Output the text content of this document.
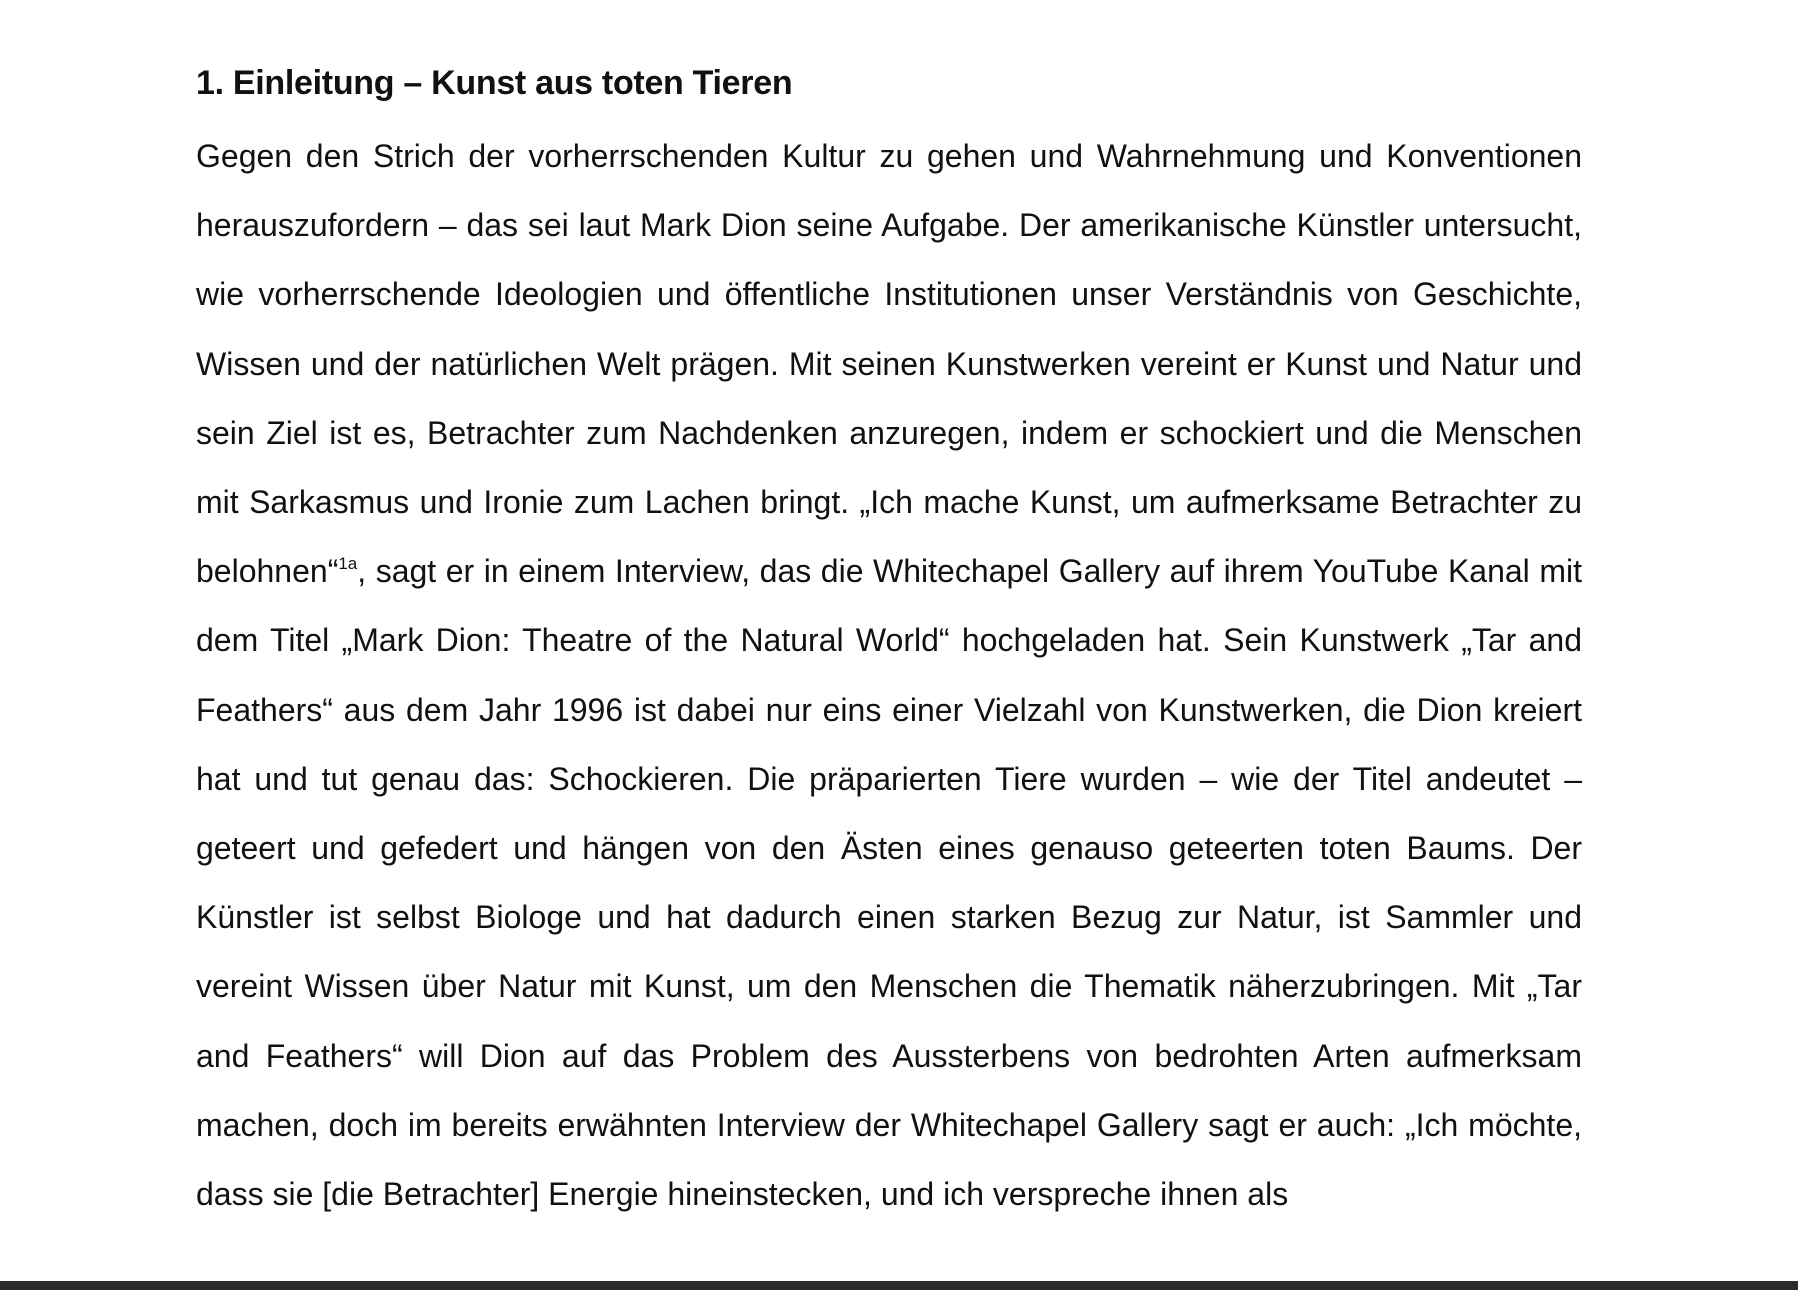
1. Einleitung – Kunst aus toten Tieren

Gegen den Strich der vorherrschenden Kultur zu gehen und Wahrnehmung und Konventionen herauszufordern – das sei laut Mark Dion seine Aufgabe. Der amerikanische Künstler untersucht, wie vorherrschende Ideologien und öffentliche Institutionen unser Verständnis von Geschichte, Wissen und der natürlichen Welt prägen. Mit seinen Kunstwerken vereint er Kunst und Natur und sein Ziel ist es, Betrachter zum Nachdenken anzuregen, indem er schockiert und die Menschen mit Sarkasmus und Ironie zum Lachen bringt. „Ich mache Kunst, um aufmerksame Betrachter zu belohnen“$^{1a}$, sagt er in einem Interview, das die Whitechapel Gallery auf ihrem YouTube Kanal mit dem Titel „Mark Dion: Theatre of the Natural World“ hochgeladen hat. Sein Kunstwerk „Tar and Feathers“ aus dem Jahr 1996 ist dabei nur eins einer Vielzahl von Kunstwerken, die Dion kreiert hat und tut genau das: Schockieren. Die präparierten Tiere wurden – wie der Titel andeutet – geteert und gefedert und hängen von den Ästen eines genauso geteerten toten Baums. Der Künstler ist selbst Biologe und hat dadurch einen starken Bezug zur Natur, ist Sammler und vereint Wissen über Natur mit Kunst, um den Menschen die Thematik näherzubringen. Mit „Tar and Feathers“ will Dion auf das Problem des Aussterbens von bedrohten Arten aufmerksam machen, doch im bereits erwähnten Interview der Whitechapel Gallery sagt er auch: „Ich möchte, dass sie [die Betrachter] Energie hineinstecken, und ich verspreche ihnen als
